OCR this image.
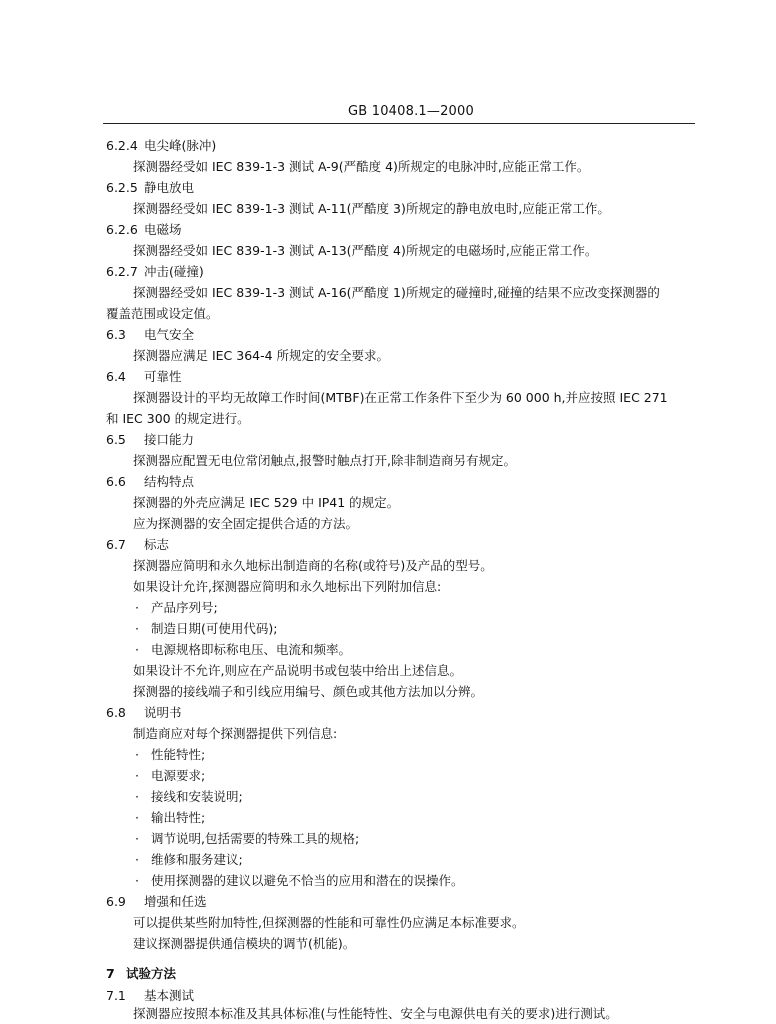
GB 10408.1—2000
6.2.4 电尖峰(脉冲)
探测器经受如 IEC 839-1-3 测试 A-9(严酷度 4)所规定的电脉冲时,应能正常工作。
6.2.5 静电放电
探测器经受如 IEC 839-1-3 测试 A-11(严酷度 3)所规定的静电放电时,应能正常工作。
6.2.6 电磁场
探测器经受如 IEC 839-1-3 测试 A-13(严酷度 4)所规定的电磁场时,应能正常工作。
6.2.7 冲击(碰撞)
探测器经受如 IEC 839-1-3 测试 A-16(严酷度 1)所规定的碰撞时,碰撞的结果不应改变探测器的
覆盖范围或设定值。
6.3 电气安全
探测器应满足 IEC 364-4 所规定的安全要求。
6.4 可靠性
探测器设计的平均无故障工作时间(MTBF)在正常工作条件下至少为 60 000 h,并应按照 IEC 271
和 IEC 300 的规定进行。
6.5 接口能力
探测器应配置无电位常闭触点,报警时触点打开,除非制造商另有规定。
6.6 结构特点
探测器的外壳应满足 IEC 529 中 IP41 的规定。
应为探测器的安全固定提供合适的方法。
6.7 标志
探测器应简明和永久地标出制造商的名称(或符号)及产品的型号。
如果设计允许,探测器应简明和永久地标出下列附加信息:
· 产品序列号;
· 制造日期(可使用代码);
· 电源规格即标称电压、电流和频率。
如果设计不允许,则应在产品说明书或包装中给出上述信息。
探测器的接线端子和引线应用编号、颜色或其他方法加以分辨。
6.8 说明书
制造商应对每个探测器提供下列信息:
· 性能特性;
· 电源要求;
· 接线和安装说明;
· 输出特性;
· 调节说明,包括需要的特殊工具的规格;
· 维修和服务建议;
· 使用探测器的建议以避免不恰当的应用和潜在的误操作。
6.9 增强和任选
可以提供某些附加特性,但探测器的性能和可靠性仍应满足本标准要求。
建议探测器提供通信模块的调节(机能)。
7 试验方法
7.1 基本测试
探测器应按照本标准及其具体标准(与性能特性、安全与电源供电有关的要求)进行测试。
